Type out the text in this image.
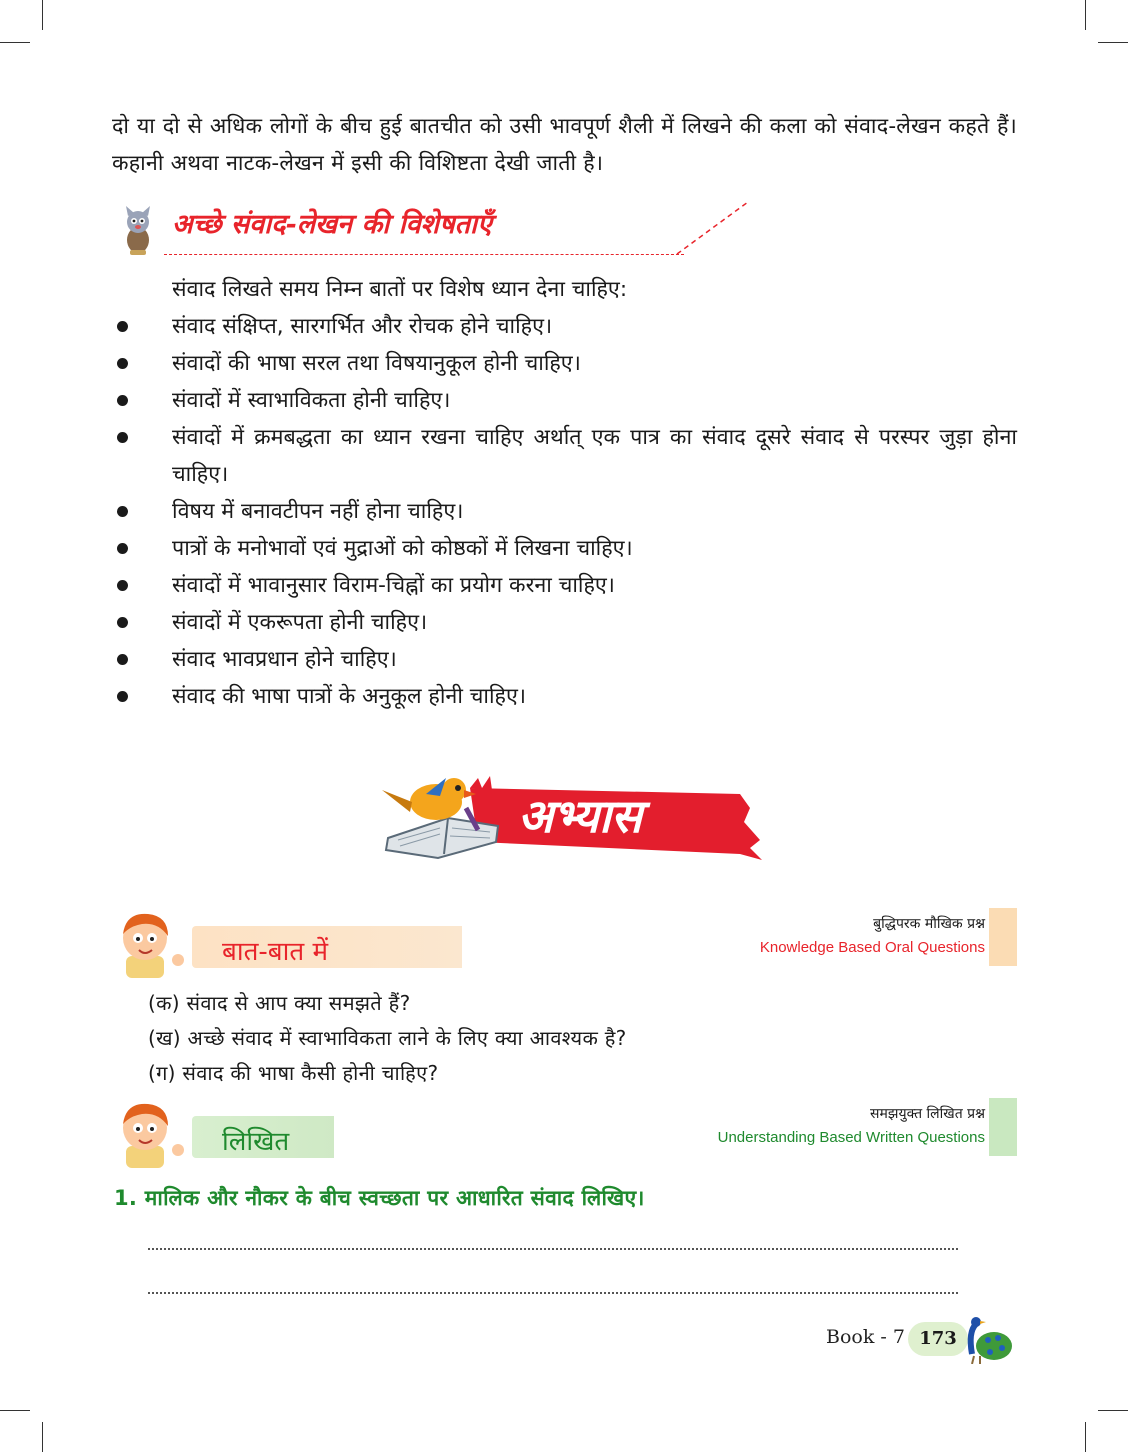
दो या दो से अधिक लोगों के बीच हुई बातचीत को उसी भावपूर्ण शैली में लिखने की कला को संवाद-लेखन कहते हैं। कहानी अथवा नाटक-लेखन में इसी की विशिष्टता देखी जाती है।

अच्छे संवाद-लेखन की विशेषताएँ
संवाद लिखते समय निम्न बातों पर विशेष ध्यान देना चाहिए:
संवाद संक्षिप्त, सारगर्भित और रोचक होने चाहिए।
संवादों की भाषा सरल तथा विषयानुकूल होनी चाहिए।
संवादों में स्वाभाविकता होनी चाहिए।
संवादों में क्रमबद्धता का ध्यान रखना चाहिए अर्थात् एक पात्र का संवाद दूसरे संवाद से परस्पर जुड़ा होना चाहिए।
विषय में बनावटीपन नहीं होना चाहिए।
पात्रों के मनोभावों एवं मुद्राओं को कोष्ठकों में लिखना चाहिए।
संवादों में भावानुसार विराम-चिह्नों का प्रयोग करना चाहिए।
संवादों में एकरूपता होनी चाहिए।
संवाद भावप्रधान होने चाहिए।
संवाद की भाषा पात्रों के अनुकूल होनी चाहिए।
अभ्यास
बात-बात में
बुद्धिपरक मौखिक प्रश्न
Knowledge Based Oral Questions
(क) संवाद से आप क्या समझते हैं?
(ख) अच्छे संवाद में स्वाभाविकता लाने के लिए क्या आवश्यक है?
(ग) संवाद की भाषा कैसी होनी चाहिए?
लिखित
समझयुक्त लिखित प्रश्न
Understanding Based Written Questions
1. मालिक और नौकर के बीच स्वच्छता पर आधारित संवाद लिखिए।
Book - 7 173
